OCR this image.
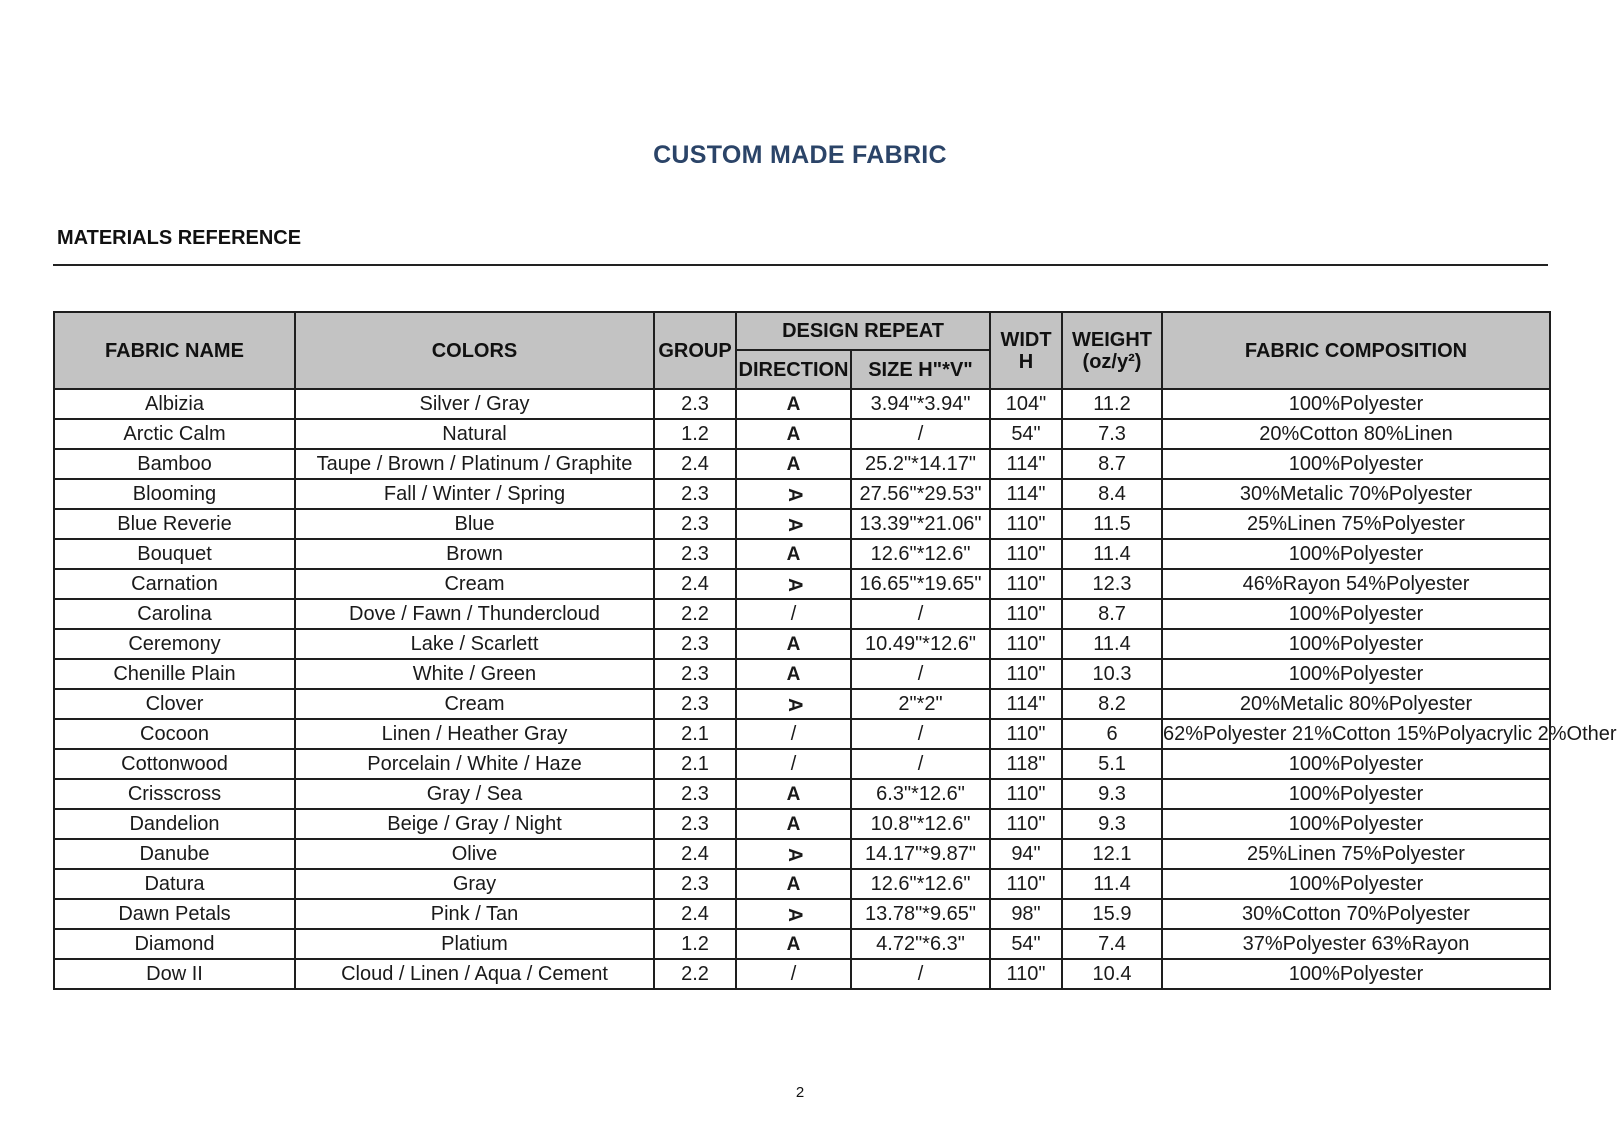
CUSTOM MADE FABRIC
MATERIALS REFERENCE
FABRIC NAME	COLORS	GROUP	DESIGN REPEAT		WIDT H	WEIGHT (oz/y²)	FABRIC COMPOSITION
			DIRECTION	SIZE H"*V"			
Albizia	Silver / Gray	2.3	A	3.94"*3.94"	104"	11.2	100%Polyester
Arctic Calm	Natural	1.2	A	/	54"	7.3	20%Cotton 80%Linen
Bamboo	Taupe / Brown / Platinum / Graphite	2.4	A	25.2"*14.17"	114"	8.7	100%Polyester
Blooming	Fall / Winter / Spring	2.3	A	27.56"*29.53"	114"	8.4	30%Metalic 70%Polyester
Blue Reverie	Blue	2.3	A	13.39"*21.06"	110"	11.5	25%Linen 75%Polyester
Bouquet	Brown	2.3	A	12.6"*12.6"	110"	11.4	100%Polyester
Carnation	Cream	2.4	A	16.65"*19.65"	110"	12.3	46%Rayon 54%Polyester
Carolina	Dove / Fawn / Thundercloud	2.2	/	/	110"	8.7	100%Polyester
Ceremony	Lake / Scarlett	2.3	A	10.49"*12.6"	110"	11.4	100%Polyester
Chenille Plain	White / Green	2.3	A	/	110"	10.3	100%Polyester
Clover	Cream	2.3	A	2"*2"	114"	8.2	20%Metalic 80%Polyester
Cocoon	Linen / Heather Gray	2.1	/	/	110"	6	62%Polyester 21%Cotton 15%Polyacrylic 2%Other
Cottonwood	Porcelain / White / Haze	2.1	/	/	118"	5.1	100%Polyester
Crisscross	Gray / Sea	2.3	A	6.3"*12.6"	110"	9.3	100%Polyester
Dandelion	Beige / Gray / Night	2.3	A	10.8"*12.6"	110"	9.3	100%Polyester
Danube	Olive	2.4	A	14.17"*9.87"	94"	12.1	25%Linen 75%Polyester
Datura	Gray	2.3	A	12.6"*12.6"	110"	11.4	100%Polyester
Dawn Petals	Pink / Tan	2.4	A	13.78"*9.65"	98"	15.9	30%Cotton 70%Polyester
Diamond	Platium	1.2	A	4.72"*6.3"	54"	7.4	37%Polyester 63%Rayon
Dow II	Cloud / Linen / Aqua / Cement	2.2	/	/	110"	10.4	100%Polyester
2
